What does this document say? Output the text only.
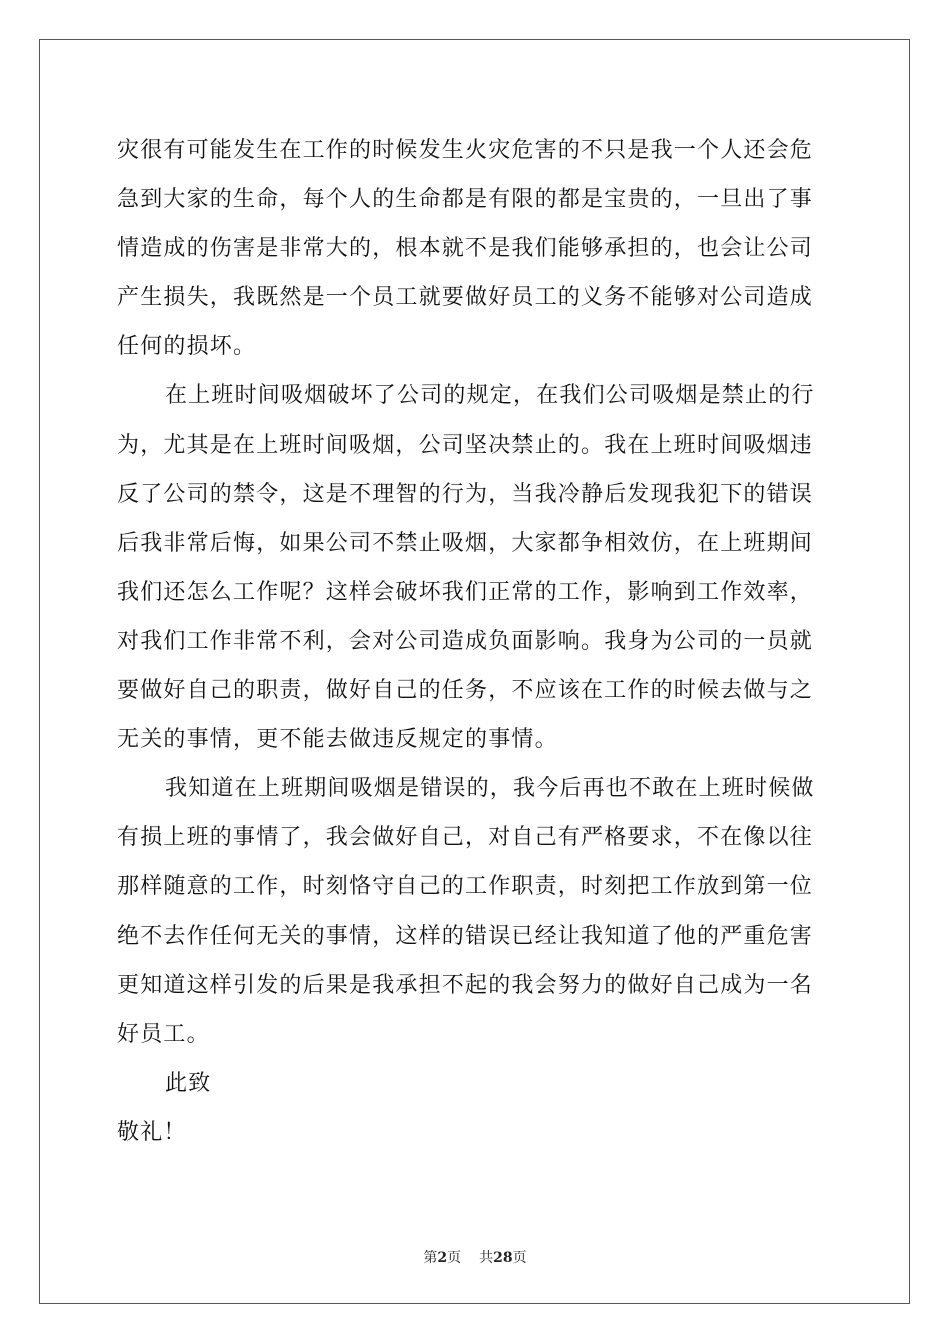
灾很有可能发生在工作的时候发生火灾危害的不只是我一个人还会危
急到大家的生命，每个人的生命都是有限的都是宝贵的，一旦出了事
情造成的伤害是非常大的，根本就不是我们能够承担的，也会让公司
产生损失，我既然是一个员工就要做好员工的义务不能够对公司造成
任何的损坏。
在上班时间吸烟破坏了公司的规定，在我们公司吸烟是禁止的行
为，尤其是在上班时间吸烟，公司坚决禁止的。我在上班时间吸烟违
反了公司的禁令，这是不理智的行为，当我冷静后发现我犯下的错误
后我非常后悔，如果公司不禁止吸烟，大家都争相效仿，在上班期间
我们还怎么工作呢？这样会破坏我们正常的工作，影响到工作效率，
对我们工作非常不利，会对公司造成负面影响。我身为公司的一员就
要做好自己的职责，做好自己的任务，不应该在工作的时候去做与之
无关的事情，更不能去做违反规定的事情。
我知道在上班期间吸烟是错误的，我今后再也不敢在上班时候做
有损上班的事情了，我会做好自己，对自己有严格要求，不在像以往
那样随意的工作，时刻恪守自己的工作职责，时刻把工作放到第一位
绝不去作任何无关的事情，这样的错误已经让我知道了他的严重危害
更知道这样引发的后果是我承担不起的我会努力的做好自己成为一名
好员工。
此致
敬礼！
第2页 共28页
